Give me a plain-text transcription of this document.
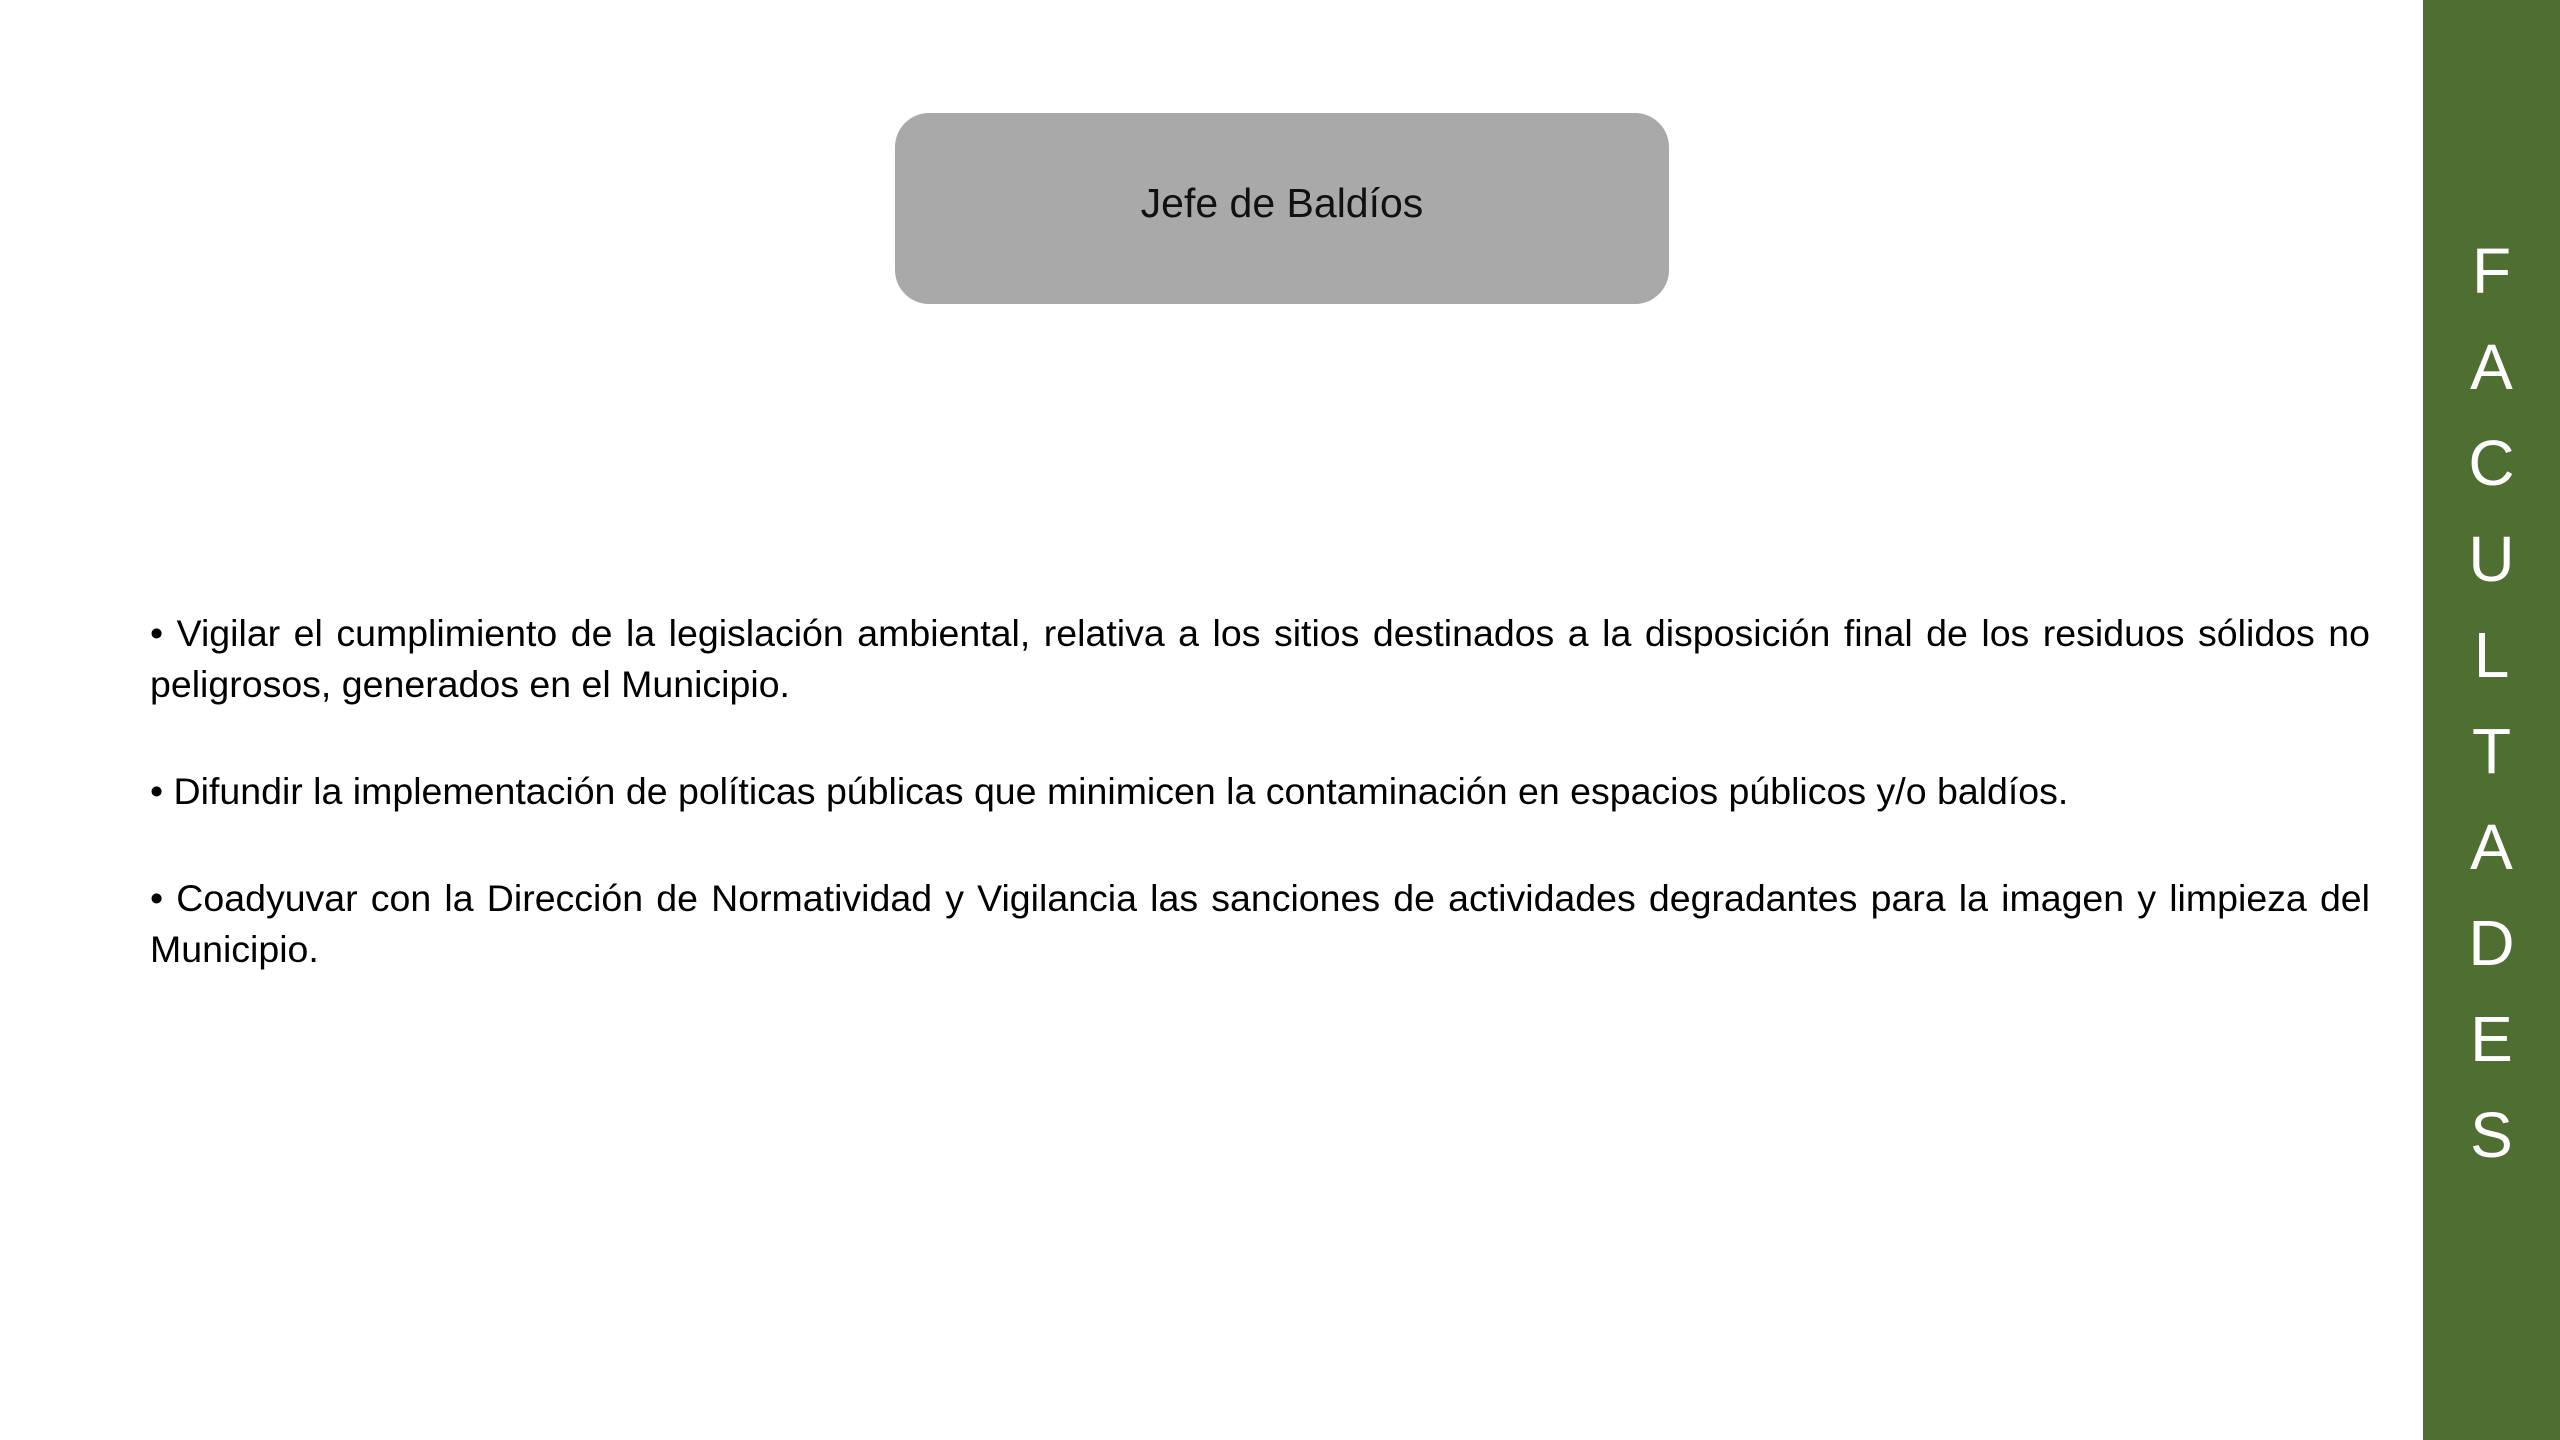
Jefe de Baldíos

• Vigilar el cumplimiento de la legislación ambiental, relativa a los sitios destinados a la disposición final de los residuos sólidos no peligrosos, generados en el Municipio.

• Difundir la implementación de políticas públicas que minimicen la contaminación en espacios públicos y/o baldíos.

• Coadyuvar con la Dirección de Normatividad y Vigilancia las sanciones de actividades degradantes para la imagen y limpieza del Municipio.

F
A
C
U
L
T
A
D
E
S
